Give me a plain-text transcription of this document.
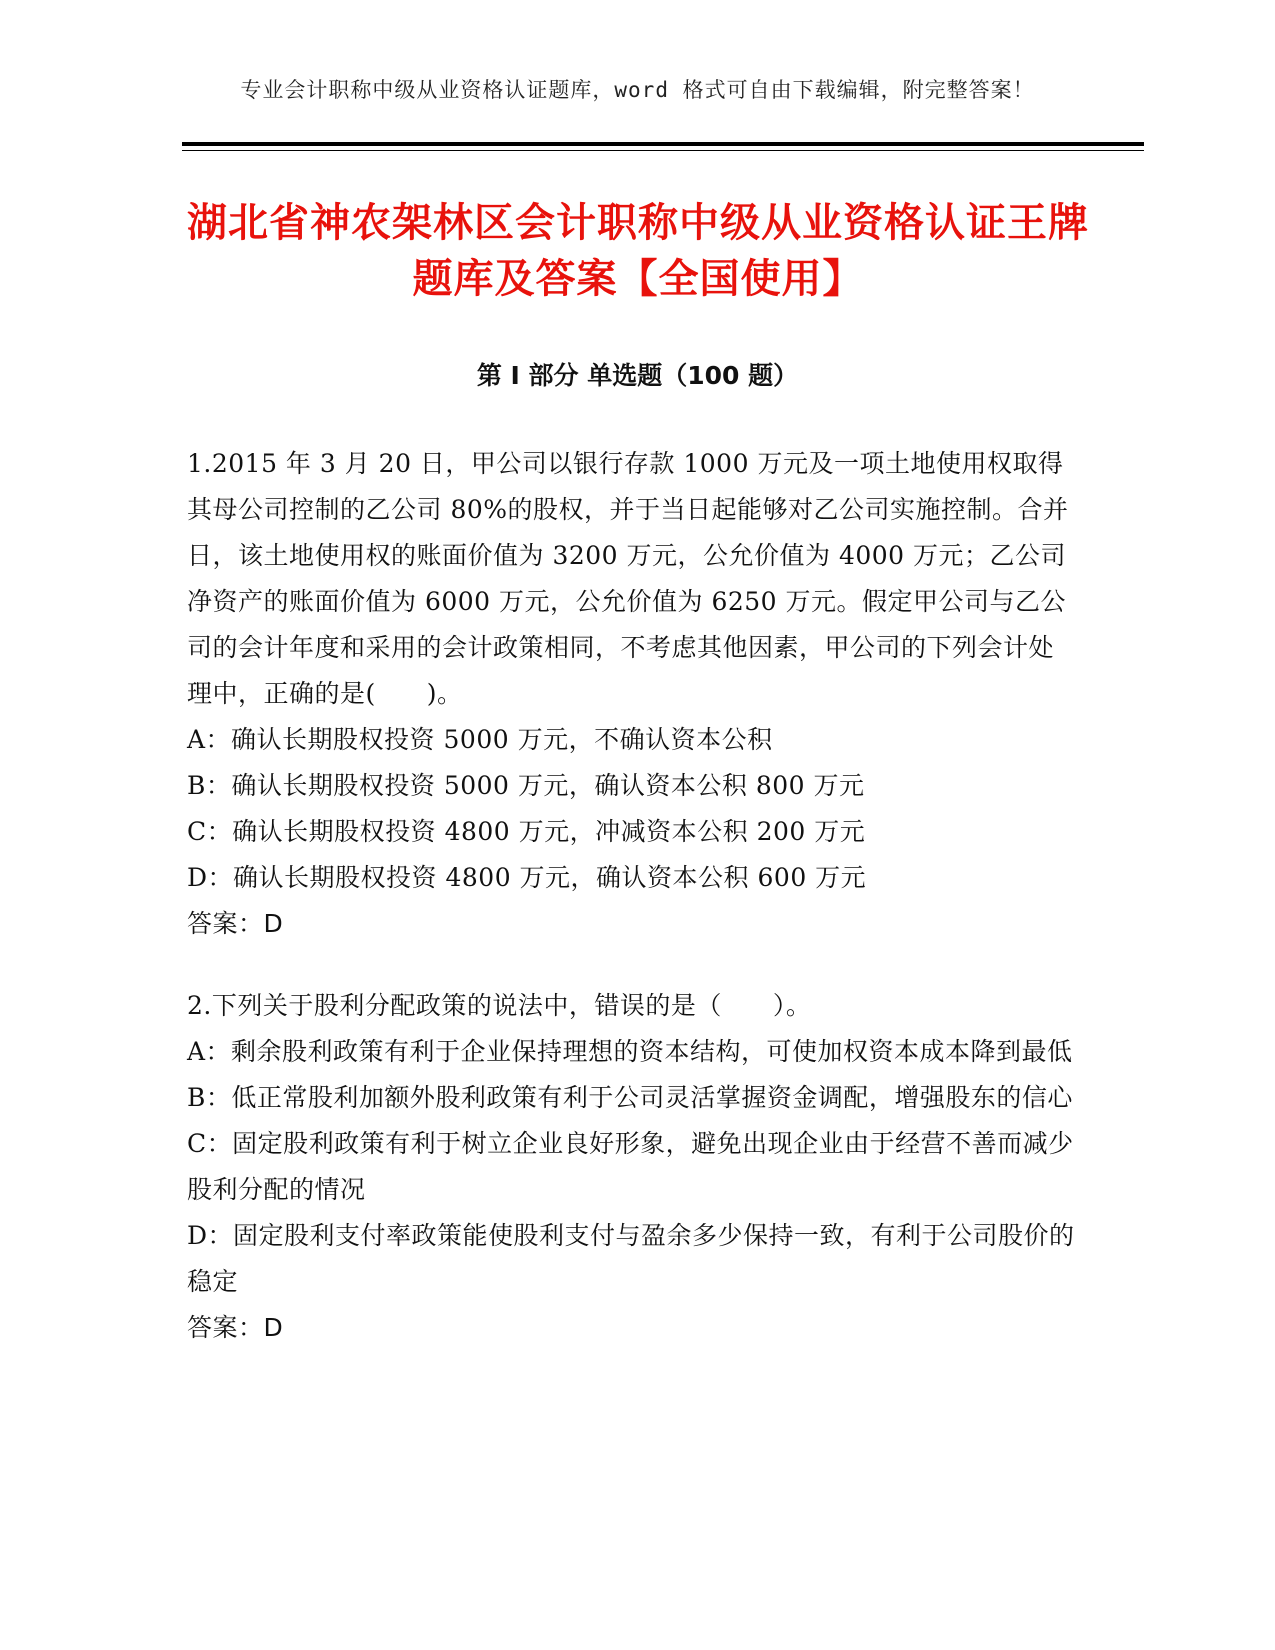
专业会计职称中级从业资格认证题库，word 格式可自由下载编辑，附完整答案！
湖北省神农架林区会计职称中级从业资格认证王牌题库及答案【全国使用】
第 I 部分 单选题（100 题）

1.2015 年 3 月 20 日，甲公司以银行存款 1000 万元及一项土地使用权取得其母公司控制的乙公司 80%的股权，并于当日起能够对乙公司实施控制。合并日，该土地使用权的账面价值为 3200 万元，公允价值为 4000 万元；乙公司净资产的账面价值为 6000 万元，公允价值为 6250 万元。假定甲公司与乙公司的会计年度和采用的会计政策相同，不考虑其他因素，甲公司的下列会计处理中，正确的是(　　)。

A：确认长期股权投资 5000 万元，不确认资本公积

B：确认长期股权投资 5000 万元，确认资本公积 800 万元

C：确认长期股权投资 4800 万元，冲减资本公积 200 万元

D：确认长期股权投资 4800 万元，确认资本公积 600 万元

答案：D

2.下列关于股利分配政策的说法中，错误的是（　　）。

A：剩余股利政策有利于企业保持理想的资本结构，可使加权资本成本降到最低

B：低正常股利加额外股利政策有利于公司灵活掌握资金调配，增强股东的信心

C：固定股利政策有利于树立企业良好形象，避免出现企业由于经营不善而减少股利分配的情况

D：固定股利支付率政策能使股利支付与盈余多少保持一致，有利于公司股价的稳定

答案：D
